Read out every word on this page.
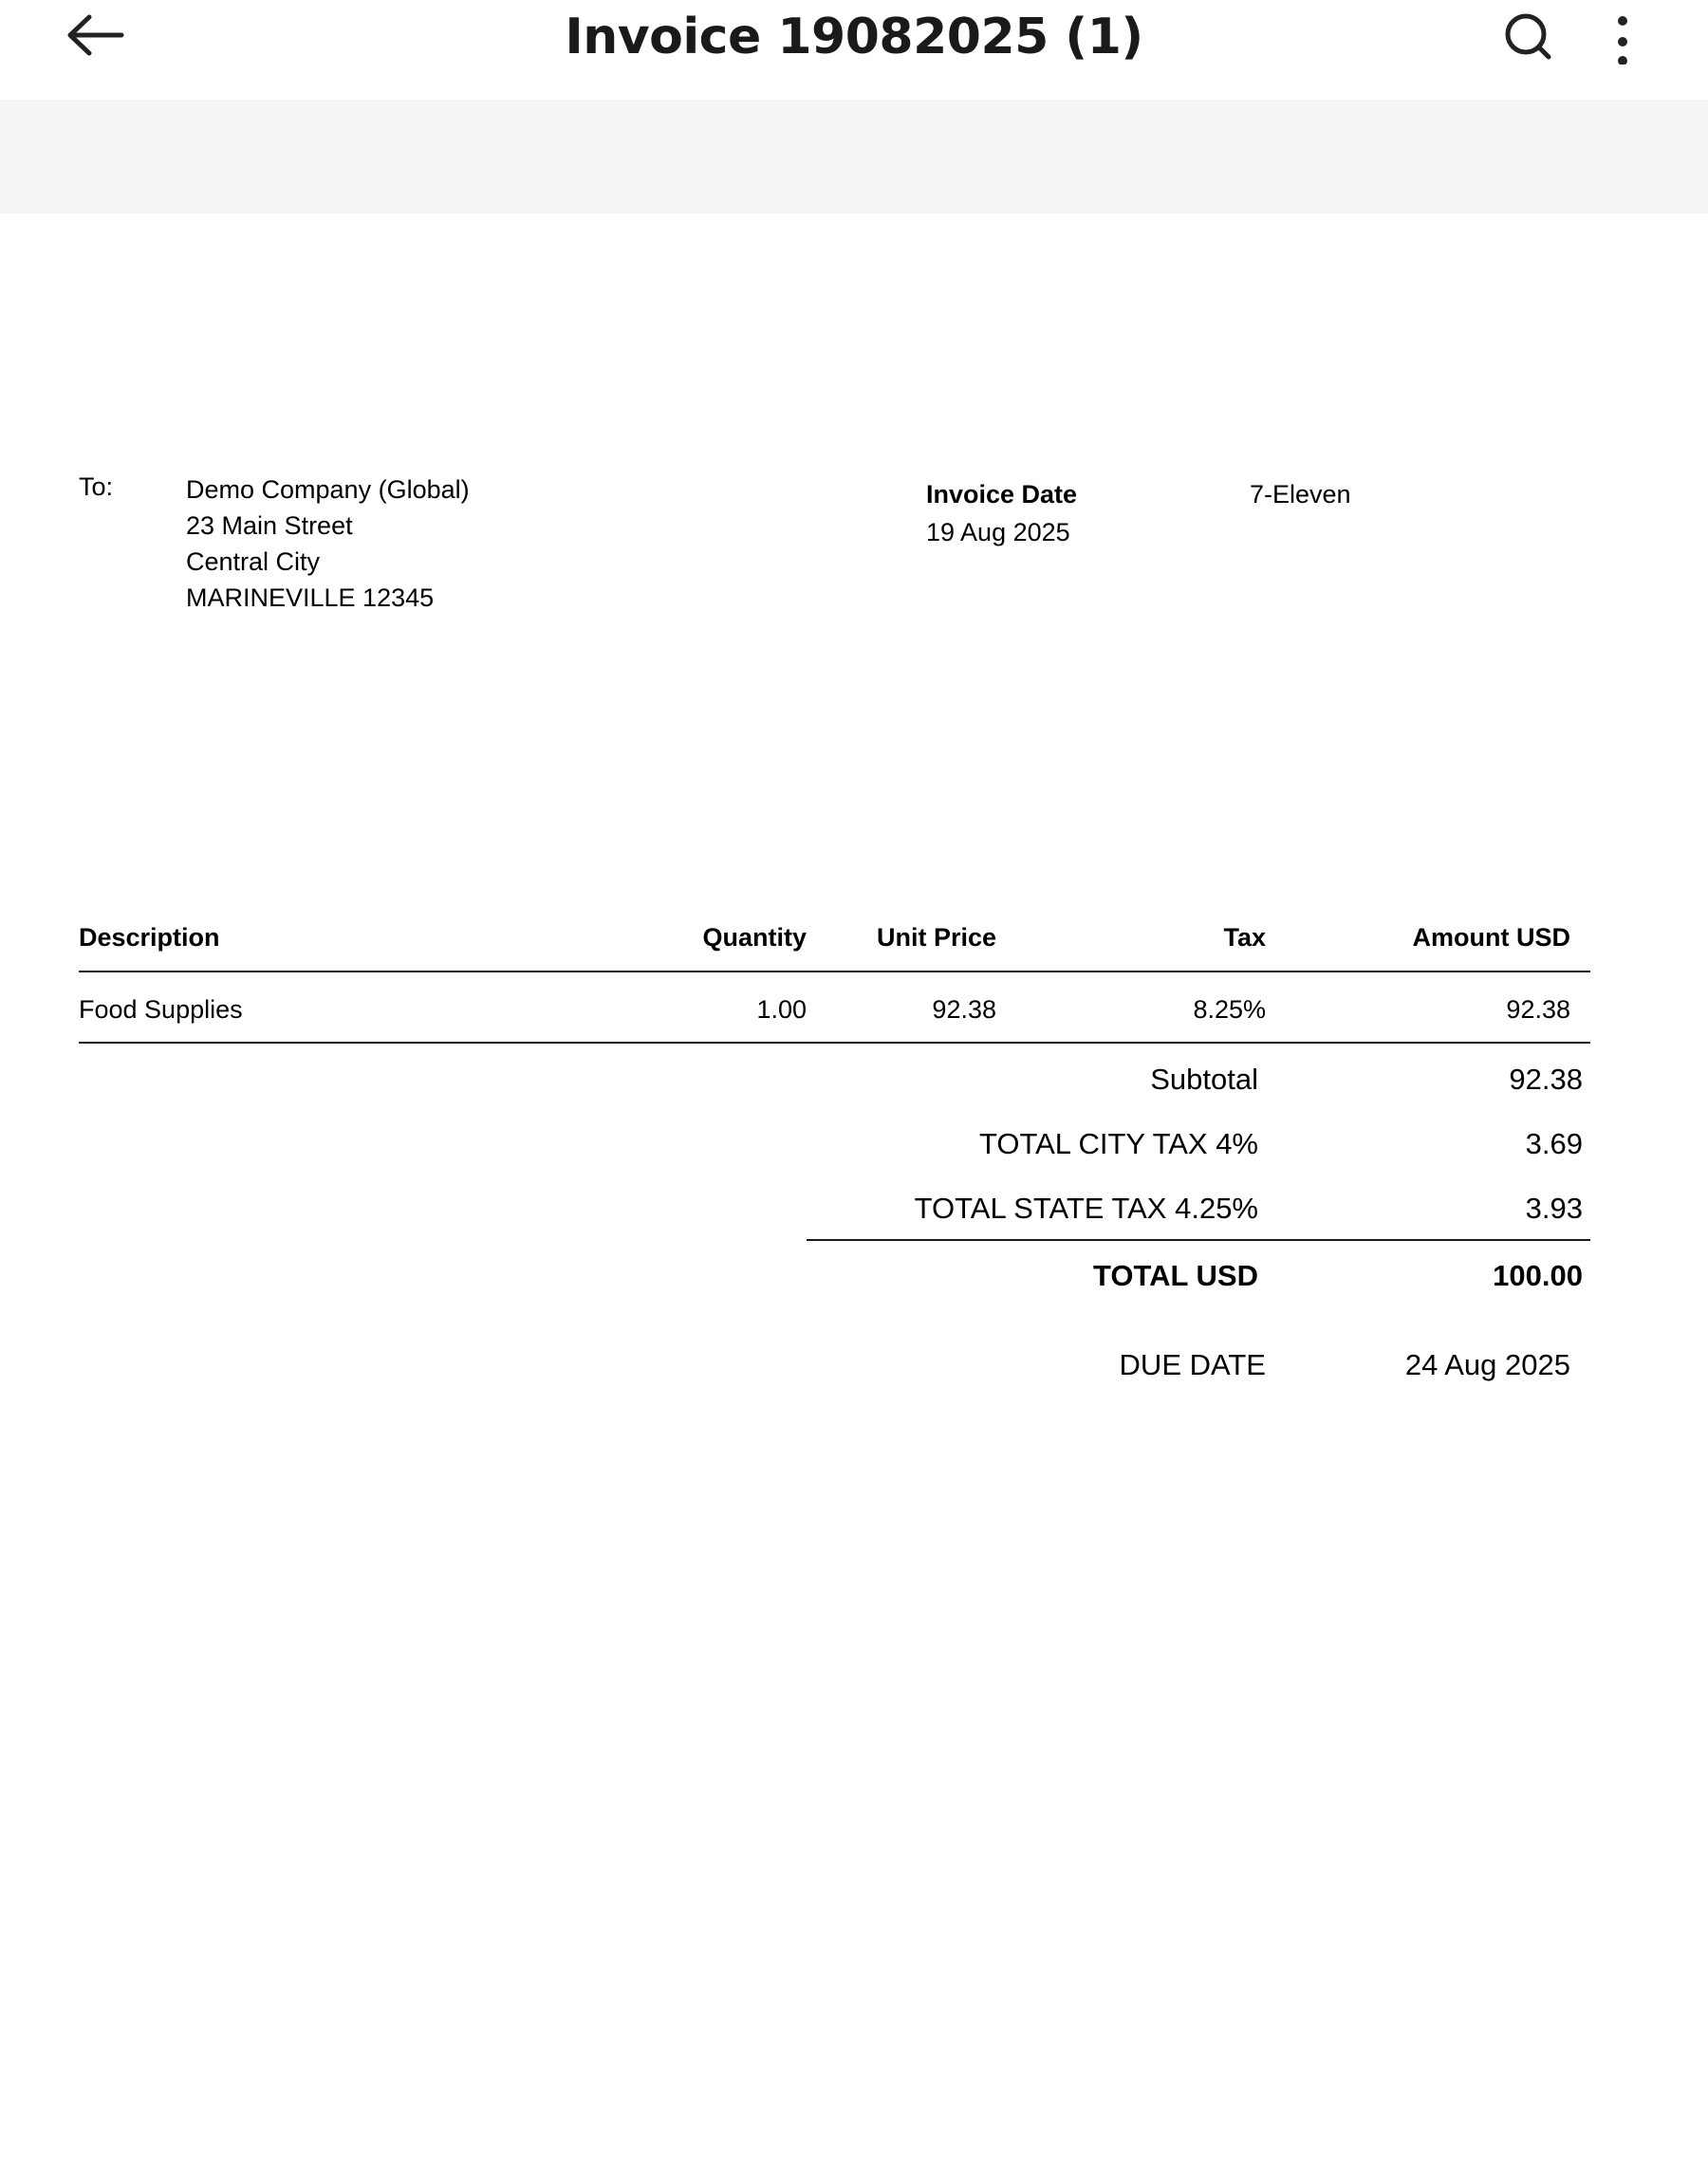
Invoice 19082025 (1)
To:	Demo Company (Global)
23 Main Street
Central City
MARINEVILLE 12345
Invoice Date
19 Aug 2025
7-Eleven
Description	Quantity	Unit Price	Tax	Amount USD
Food Supplies	1.00	92.38	8.25%	92.38
Subtotal	92.38
TOTAL CITY TAX 4%	3.69
TOTAL STATE TAX 4.25%	3.93
TOTAL USD	100.00
DUE DATE	24 Aug 2025
